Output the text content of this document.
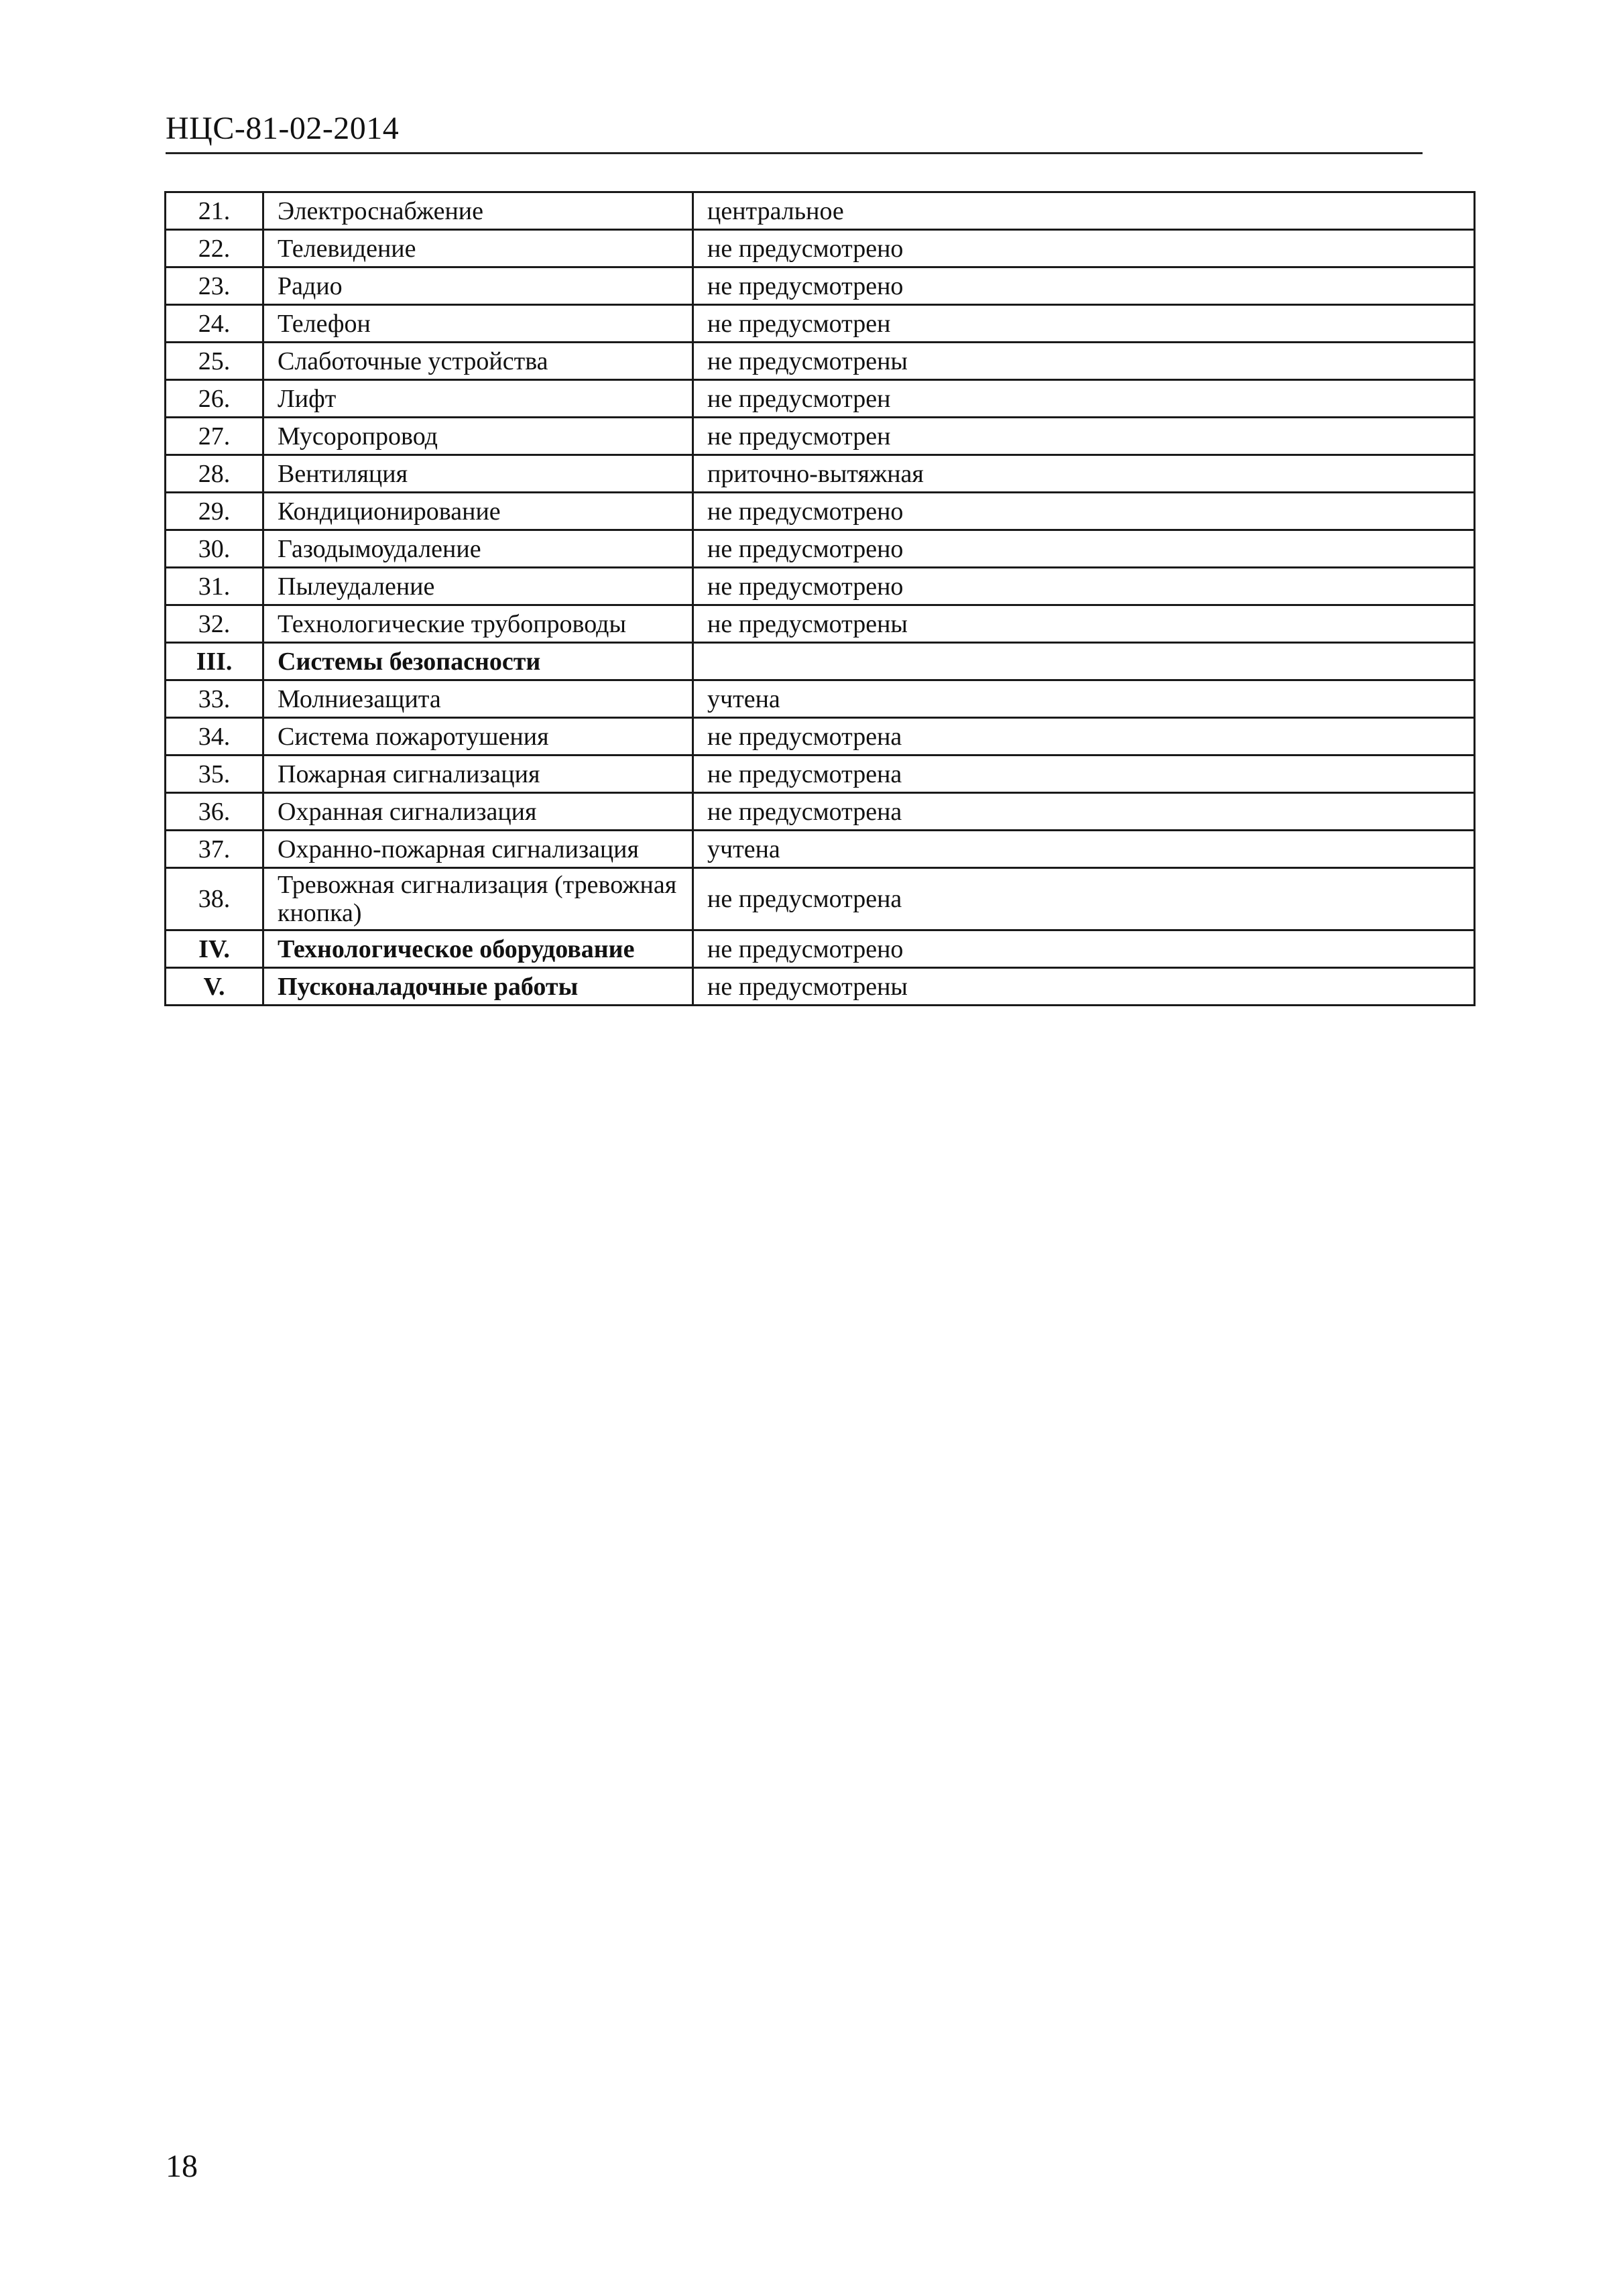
НЦС-81-02-2014
21.	Электроснабжение	центральное
22.	Телевидение	не предусмотрено
23.	Радио	не предусмотрено
24.	Телефон	не предусмотрен
25.	Слаботочные устройства	не предусмотрены
26.	Лифт	не предусмотрен
27.	Мусоропровод	не предусмотрен
28.	Вентиляция	приточно-вытяжная
29.	Кондиционирование	не предусмотрено
30.	Газодымоудаление	не предусмотрено
31.	Пылеудаление	не предусмотрено
32.	Технологические трубопроводы	не предусмотрены
III.	Системы безопасности	
33.	Молниезащита	учтена
34.	Система пожаротушения	не предусмотрена
35.	Пожарная сигнализация	не предусмотрена
36.	Охранная сигнализация	не предусмотрена
37.	Охранно-пожарная сигнализация	учтена
38.	Тревожная сигнализация (тревожная кнопка)	не предусмотрена
IV.	Технологическое оборудование	не предусмотрено
V.	Пусконаладочные работы	не предусмотрены
18
